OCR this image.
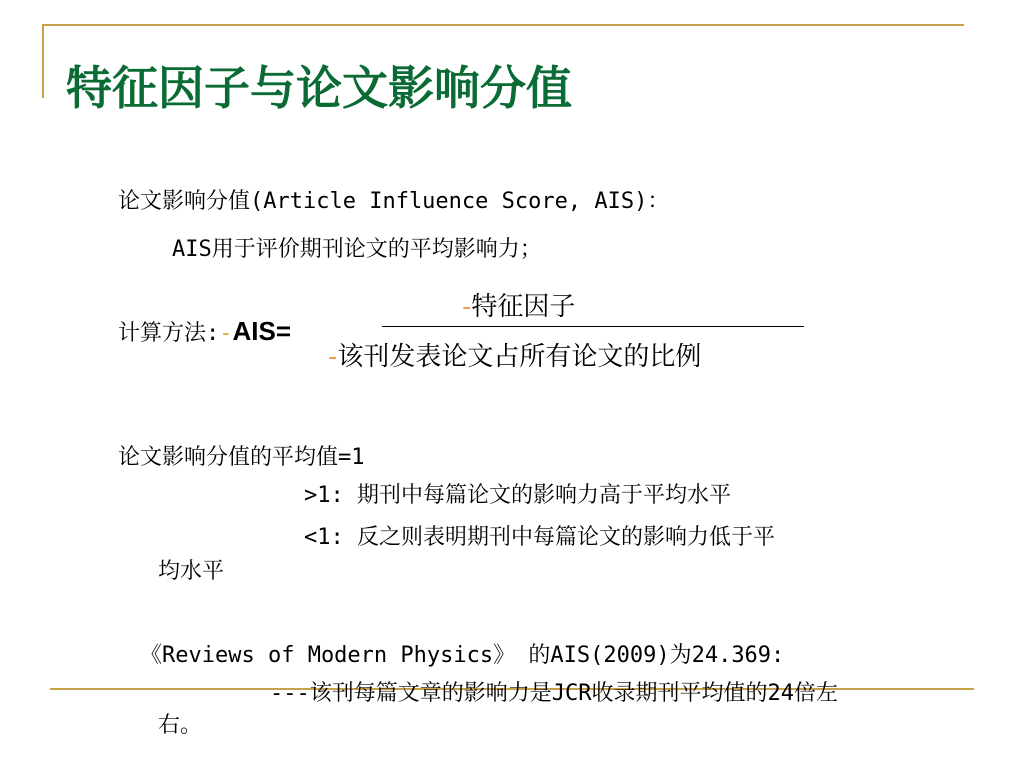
特征因子与论文影响分值
论文影响分值(Article Influence Score, AIS)：
AIS用于评价期刊论文的平均影响力；
计算方法:-AIS=
-特征因子
-该刊发表论文占所有论文的比例
论文影响分值的平均值=1
>1: 期刊中每篇论文的影响力高于平均水平
<1: 反之则表明期刊中每篇论文的影响力低于平
均水平
《Reviews of Modern Physics》 的AIS(2009)为24.369:
---该刊每篇文章的影响力是JCR收录期刊平均值的24倍左
右。
